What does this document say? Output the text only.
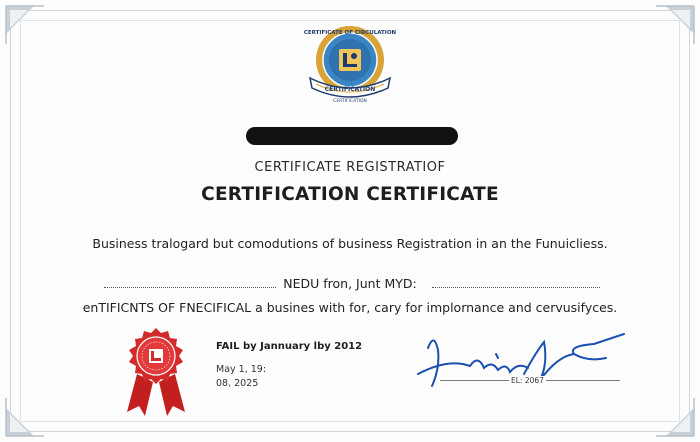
CERTIFICATE OF CIRCULATION
CERTIFICATION
CERTIFICATION
CERTIFICATE REGISTRATIOF
CERTIFICATION CERTIFICATE
Business tralogard but comodutions of business Registration in an the Funuicliess.
NEDU fron, Junt MYD:
enTIFICNTS OF FNECIFICAL a busines with for, cary for implornance and cervusifyces.
FAIL by Jannuary lby 2012
May 1, 19:
08, 2025	EL: 2067
